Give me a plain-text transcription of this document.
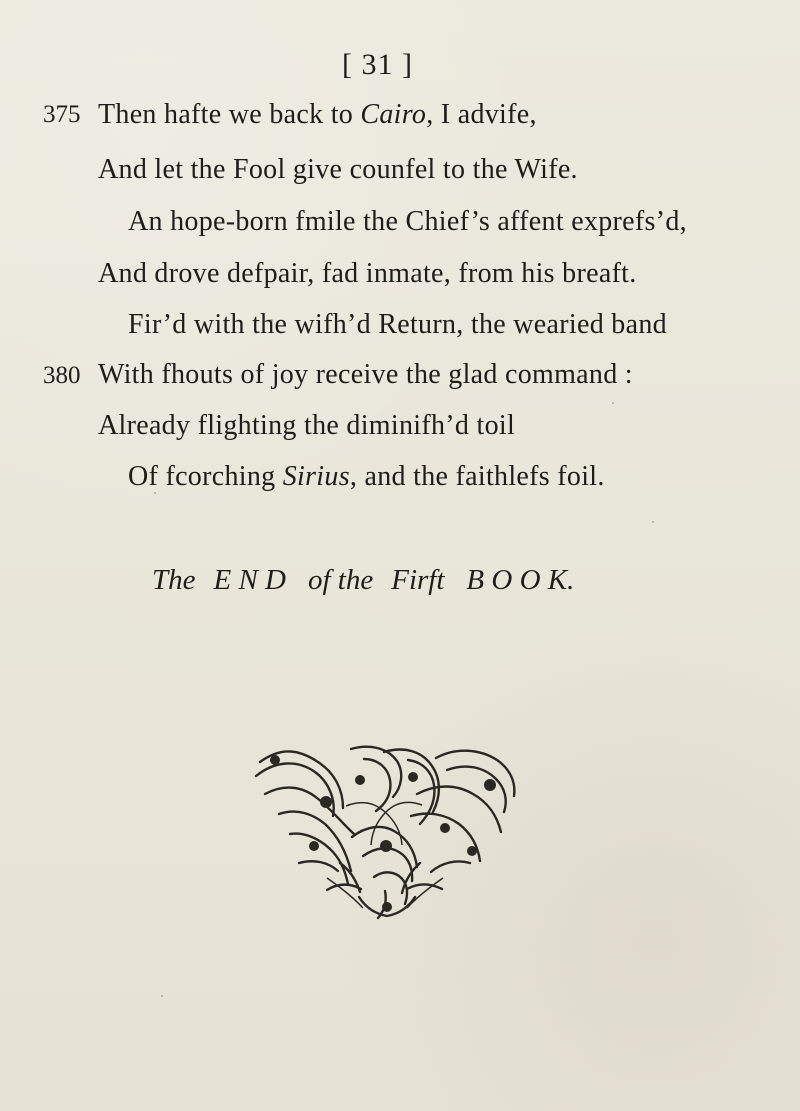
[ 31 ]
375 Then hafte we back to Cairo, I advife,
And let the Fool give counfel to the Wife.
An hope-born fmile the Chief’s affent exprefs’d,
And drove defpair, fad inmate, from his breaft.
Fir’d with the wifh’d Return, the wearied band
380 With fhouts of joy receive the glad command :
Already flighting the diminifh’d toil
Of fcorching Sirius, and the faithlefs foil.
The E N D of the Firft B O O K.
